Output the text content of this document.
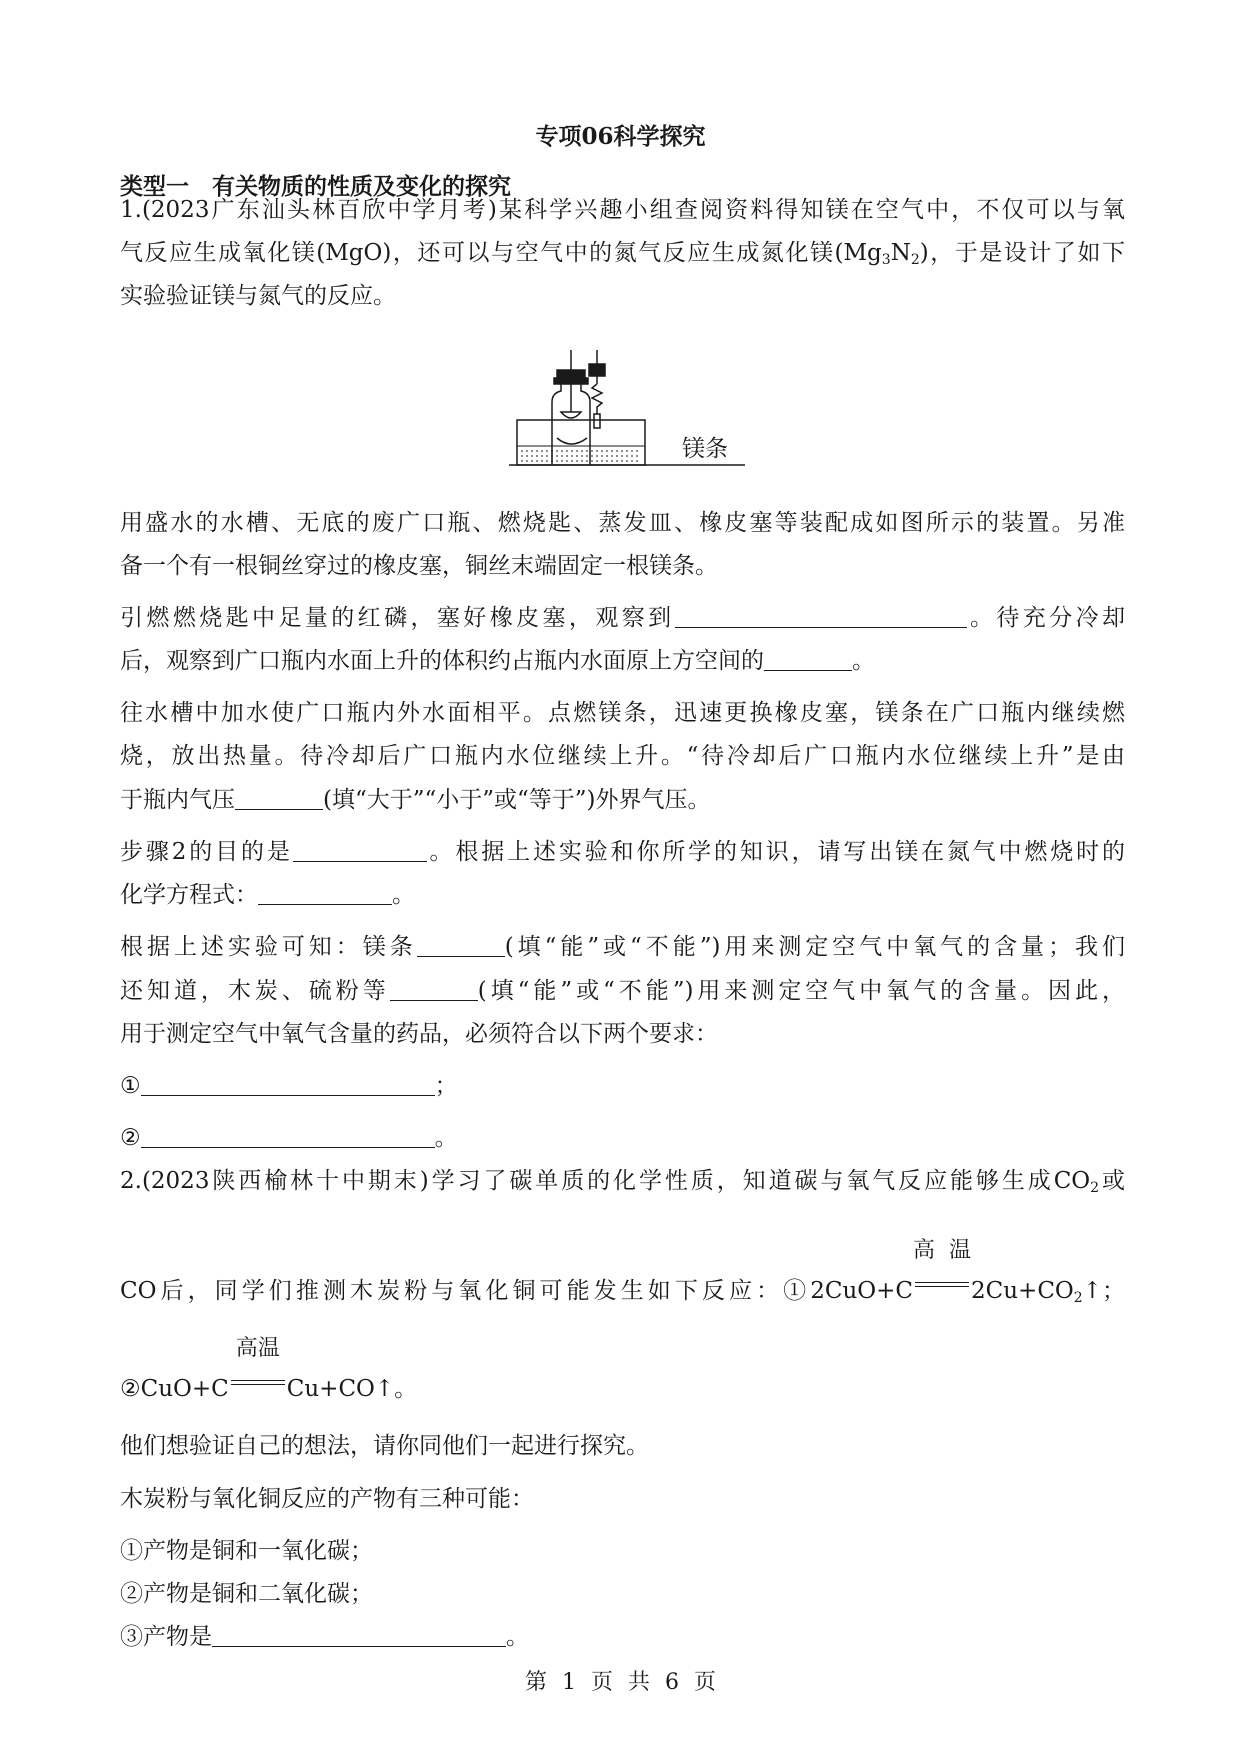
专项06科学探究
类型一　有关物质的性质及变化的探究
1.(2023广东汕头林百欣中学月考)某科学兴趣小组查阅资料得知镁在空气中，不仅可以与氧
气反应生成氧化镁(MgO)，还可以与空气中的氮气反应生成氮化镁$(Mg_3N_2)$，于是设计了如下
实验验证镁与氮气的反应。
镁条
用盛水的水槽、无底的废广口瓶、燃烧匙、蒸发皿、橡皮塞等装配成如图所示的装置。另准
备一个有一根铜丝穿过的橡皮塞，铜丝末端固定一根镁条。
引燃燃烧匙中足量的红磷，塞好橡皮塞，观察到	。待充分冷却
后，观察到广口瓶内水面上升的体积约占瓶内水面原上方空间的	。
往水槽中加水使广口瓶内外水面相平。点燃镁条，迅速更换橡皮塞，镁条在广口瓶内继续燃
烧，放出热量。待冷却后广口瓶内水位继续上升。“待冷却后广口瓶内水位继续上升”是由
于瓶内气压	(填“大于”“小于”或“等于”)外界气压。
步骤2的目的是	。根据上述实验和你所学的知识，请写出镁在氮气中燃烧时的
化学方程式：	。
根据上述实验可知：镁条	(填“能”或“不能”)用来测定空气中氧气的含量；我们
还知道，木炭、硫粉等	(填“能”或“不能”)用来测定空气中氧气的含量。因此，
用于测定空气中氧气含量的药品，必须符合以下两个要求：
①	；
②	。
2.(2023陕西榆林十中期末)学习了碳单质的化学性质，知道碳与氧气反应能够生成$CO_2$或
CO后，同学们推测木炭粉与氧化铜可能发生如下反应：①2CuO+C
高温
$2Cu+CO_2↑$；
②CuO+C
高温
Cu+CO↑。
他们想验证自己的想法，请你同他们一起进行探究。
木炭粉与氧化铜反应的产物有三种可能：
①产物是铜和一氧化碳；
②产物是铜和二氧化碳；
③产物是	。
第 1 页 共 6 页
